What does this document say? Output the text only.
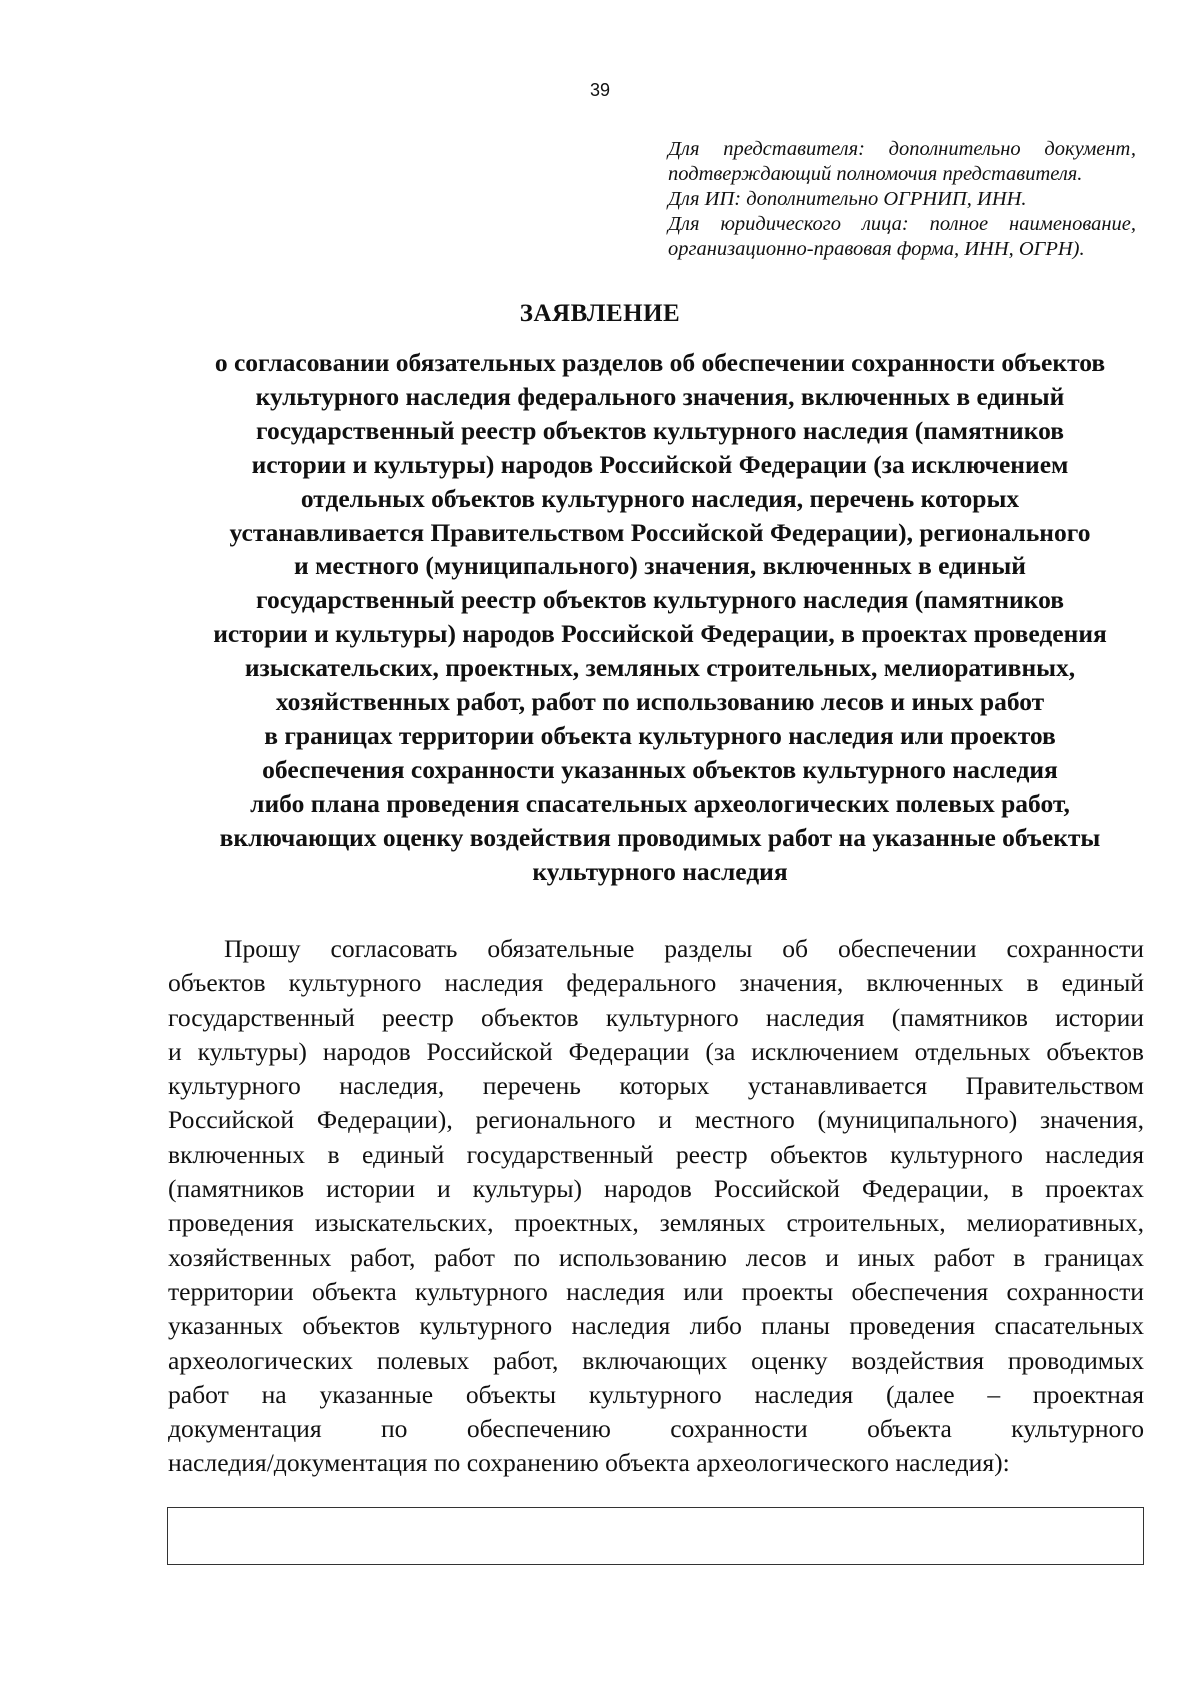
39
Для представителя: дополнительно документ,
подтверждающий полномочия представителя.
Для ИП: дополнительно ОГРНИП, ИНН.
Для юридического лица: полное наименование,
организационно-правовая форма, ИНН, ОГРН).
ЗАЯВЛЕНИЕ
о согласовании обязательных разделов об обеспечении сохранности объектов
культурного наследия федерального значения, включенных в единый
государственный реестр объектов культурного наследия (памятников
истории и культуры) народов Российской Федерации (за исключением
отдельных объектов культурного наследия, перечень которых
устанавливается Правительством Российской Федерации), регионального
и местного (муниципального) значения, включенных в единый
государственный реестр объектов культурного наследия (памятников
истории и культуры) народов Российской Федерации, в проектах проведения
изыскательских, проектных, земляных строительных, мелиоративных,
хозяйственных работ, работ по использованию лесов и иных работ
в границах территории объекта культурного наследия или проектов
обеспечения сохранности указанных объектов культурного наследия
либо плана проведения спасательных археологических полевых работ,
включающих оценку воздействия проводимых работ на указанные объекты
культурного наследия
Прошу согласовать обязательные разделы об обеспечении сохранности
объектов культурного наследия федерального значения, включенных в единый
государственный реестр объектов культурного наследия (памятников истории
и культуры) народов Российской Федерации (за исключением отдельных объектов
культурного наследия, перечень которых устанавливается Правительством
Российской Федерации), регионального и местного (муниципального) значения,
включенных в единый государственный реестр объектов культурного наследия
(памятников истории и культуры) народов Российской Федерации, в проектах
проведения изыскательских, проектных, земляных строительных, мелиоративных,
хозяйственных работ, работ по использованию лесов и иных работ в границах
территории объекта культурного наследия или проекты обеспечения сохранности
указанных объектов культурного наследия либо планы проведения спасательных
археологических полевых работ, включающих оценку воздействия проводимых
работ на указанные объекты культурного наследия (далее – проектная
документация по обеспечению сохранности объекта культурного
наследия/документация по сохранению объекта археологического наследия):
